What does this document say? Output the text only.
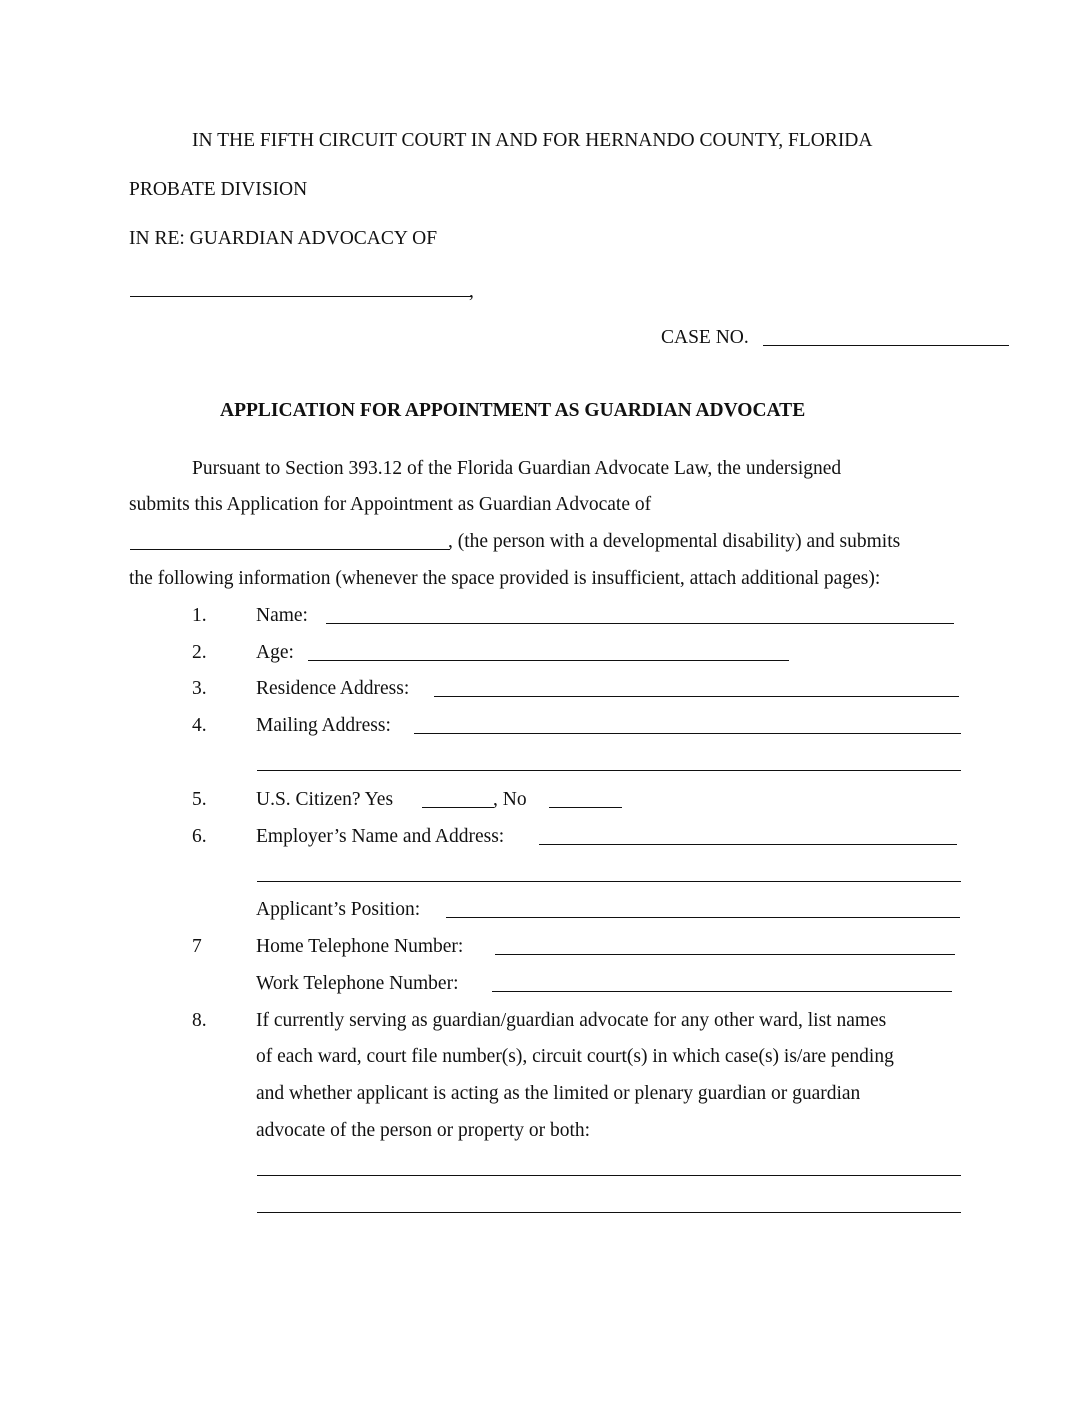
IN THE FIFTH CIRCUIT COURT IN AND FOR HERNANDO COUNTY, FLORIDA
PROBATE DIVISION
IN RE: GUARDIAN ADVOCACY OF
,
CASE NO.
APPLICATION FOR APPOINTMENT AS GUARDIAN ADVOCATE
Pursuant to Section 393.12 of the Florida Guardian Advocate Law, the undersigned
submits this Application for Appointment as Guardian Advocate of
, (the person with a developmental disability) and submits
the following information (whenever the space provided is insufficient, attach additional pages):
1.	Name:
2.	Age:
3.	Residence Address:
4.	Mailing Address:
5.	U.S. Citizen? Yes	, No
6.	Employer’s Name and Address:
Applicant’s Position:
7	Home Telephone Number:
Work Telephone Number:
8.	If currently serving as guardian/guardian advocate for any other ward, list names
of each ward, court file number(s), circuit court(s) in which case(s) is/are pending
and whether applicant is acting as the limited or plenary guardian or guardian
advocate of the person or property or both:
